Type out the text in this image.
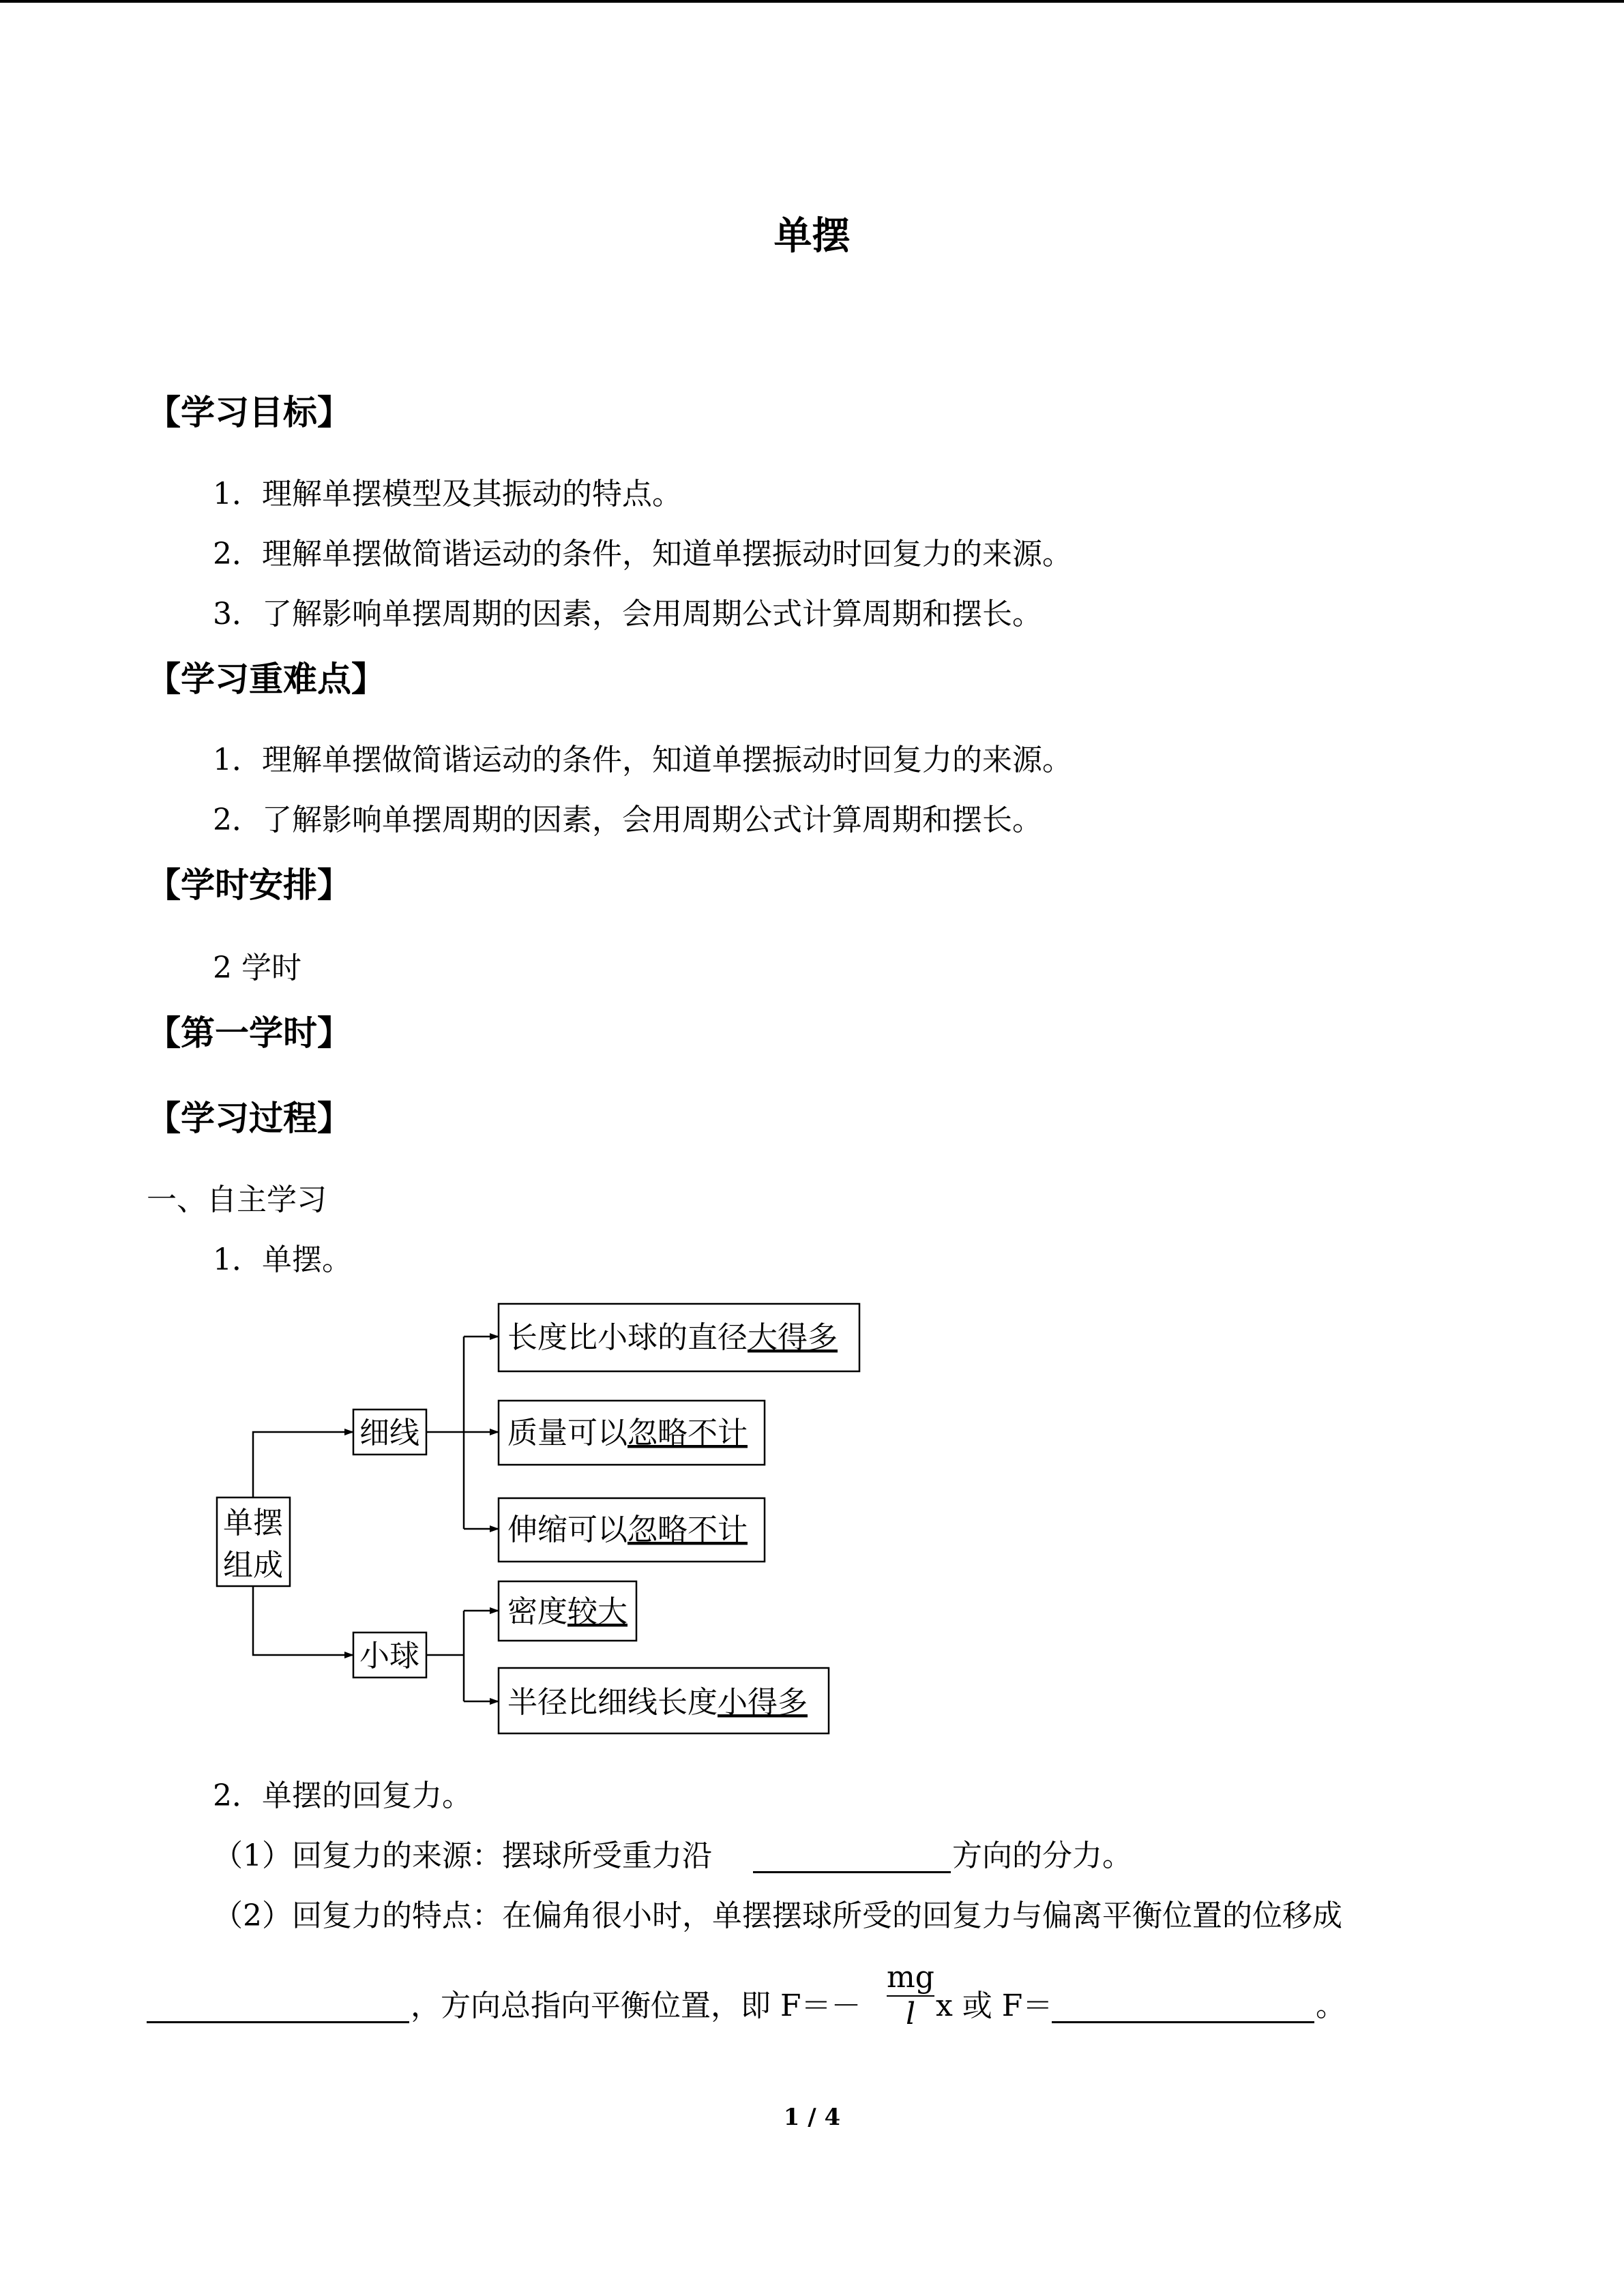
单摆
【学习目标】
1．理解单摆模型及其振动的特点。
2．理解单摆做简谐运动的条件，知道单摆振动时回复力的来源。
3．了解影响单摆周期的因素，会用周期公式计算周期和摆长。
【学习重难点】
1．理解单摆做简谐运动的条件，知道单摆振动时回复力的来源。
2．了解影响单摆周期的因素，会用周期公式计算周期和摆长。
【学时安排】
2 学时
【第一学时】
【学习过程】
一、自主学习
1．单摆。
单摆
组成
细线
小球
长度比小球的直径大得多
质量可以忽略不计
伸缩可以忽略不计
密度较大
半径比细线长度小得多
2．单摆的回复力。
（1）回复力的来源：摆球所受重力沿	方向的分力。
（2）回复力的特点：在偏角很小时，单摆摆球所受的回复力与偏离平衡位置的位移成
，方向总指向平衡位置，即 $F=- \frac{mg}{l}$ x 或 F＝	。
1 / 4
